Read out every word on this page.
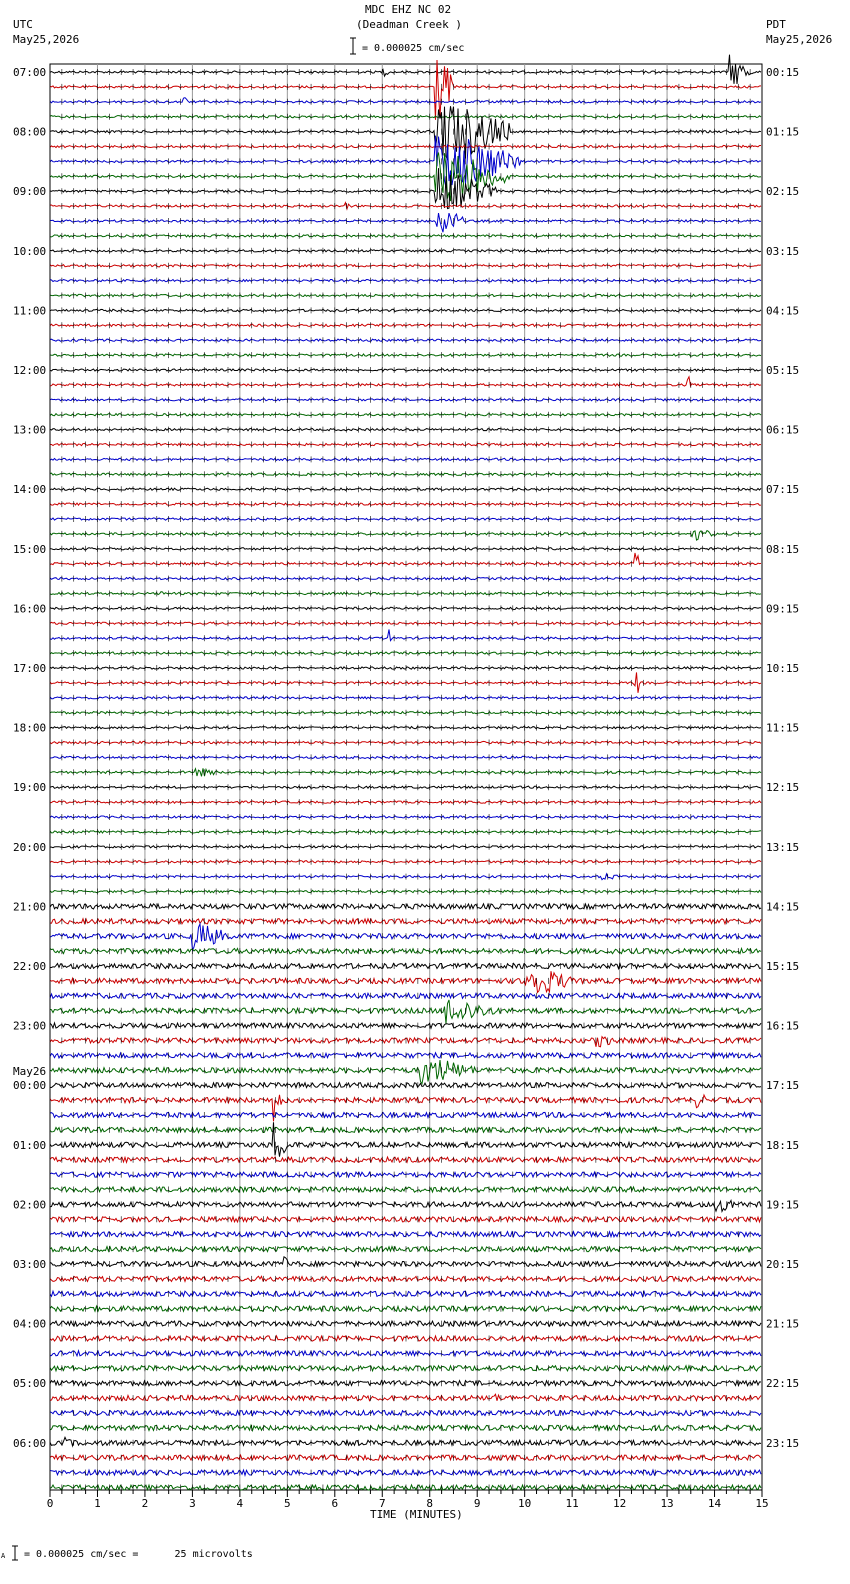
0	1	2	3	4	5	6	7	8	9	10	11	12	13	14	15
07:00
08:00
09:00
10:00
11:00
12:00
13:00
14:00
15:00
16:00
17:00
18:00
19:00
20:00
21:00
22:00
23:00
00:00
01:00
02:00
03:00
04:00
05:00
06:00
00:15
01:15
02:15
03:15
04:15
05:15
06:15
07:15
08:15
09:15
10:15
11:15
12:15
13:15
14:15
15:15
16:15
17:15
18:15
19:15
20:15
21:15
22:15
23:15
May26
MDC EHZ NC 02
(Deadman Creek )
UTC
May25,2026
PDT
May25,2026
= 0.000025 cm/sec
TIME (MINUTES)
A = 0.000025 cm/sec =      25 microvolts
